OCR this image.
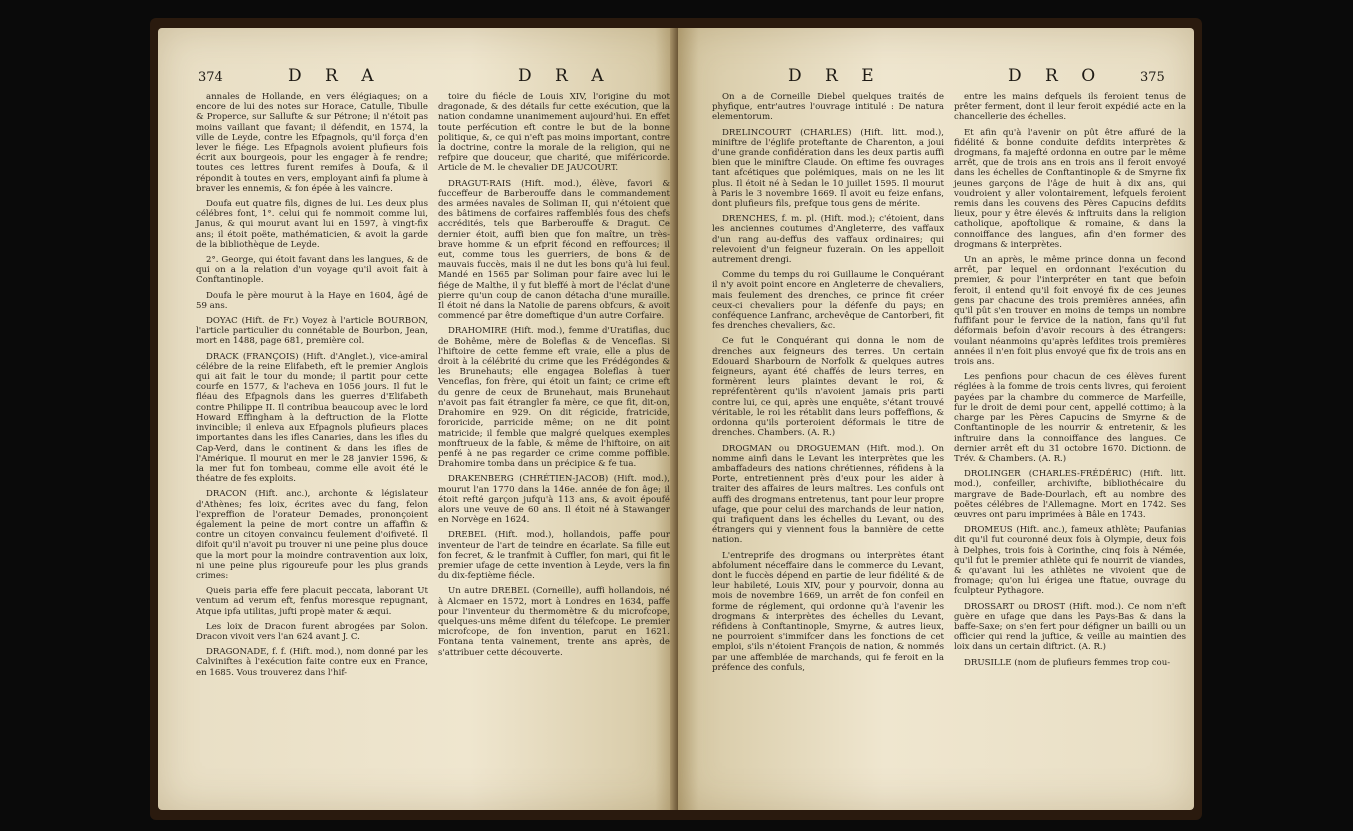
374	D R A	D R A

annales de Hollande, en vers élégiaques; on a encore de lui des notes sur Horace, Catulle, Tibulle & Properce, sur Sallufte & sur Pétrone; il n'étoit pas moins vaillant que favant; il défendit, en 1574, la ville de Leyde, contre les Efpagnols, qu'il força d'en lever le fiége. Les Efpagnols avoient plufieurs fois écrit aux bourgeois, pour les engager à fe rendre; toutes ces lettres furent remifes à Doufa, & il répondit à toutes en vers, employant ainfi fa plume à braver les ennemis, & fon épée à les vaincre.

Doufa eut quatre fils, dignes de lui. Les deux plus célébres font, 1°. celui qui fe nommoit comme lui, Janus, & qui mourut avant lui en 1597, à vingt-fix ans; il étoit poëte, mathématicien, & avoit la garde de la bibliothèque de Leyde.

2°. George, qui étoit favant dans les langues, & de qui on a la relation d'un voyage qu'il avoit fait à Conftantinople.

Doufa le père mourut à la Haye en 1604, âgé de 59 ans.

DOYAC (Hift. de Fr.) Voyez à l'article BOURBON, l'article particulier du connétable de Bourbon, Jean, mort en 1488, page 681, première col.

DRACK (FRANÇOIS) (Hift. d'Anglet.), vice-amiral célébre de la reine Elifabeth, eft le premier Anglois qui ait fait le tour du monde; il partit pour cette courfe en 1577, & l'acheva en 1056 jours. Il fut le fléau des Efpagnols dans les guerres d'Elifabeth contre Philippe II. Il contribua beaucoup avec le lord Howard Effingham à la deftruction de la Flotte invincible; il enleva aux Efpagnols plufieurs places importantes dans les ifles Canaries, dans les ifles du Cap-Verd, dans le continent & dans les ifles de l'Amérique. Il mourut en mer le 28 janvier 1596, & la mer fut fon tombeau, comme elle avoit été le théatre de fes exploits.

DRACON (Hift. anc.), archonte & législateur d'Athènes; fes loix, écrites avec du fang, felon l'expreffion de l'orateur Demades, prononçoient également la peine de mort contre un affaffin & contre un citoyen convaincu feulement d'oifiveté. Il difoit qu'il n'avoit pu trouver ni une peine plus douce que la mort pour la moindre contravention aux loix, ni une peine plus rigoureufe pour les plus grands crimes:

Queis paria effe fere placuit peccata, laborant Ut ventum ad verum eft, fenfus moresque repugnant, Atque ipfa utilitas, jufti propè mater & æqui.

Les loix de Dracon furent abrogées par Solon. Dracon vivoit vers l'an 624 avant J. C.

DRAGONADE, f. f. (Hift. mod.), nom donné par les Calviniftes à l'exécution faite contre eux en France, en 1685. Vous trouverez dans l'hif-

toire du fiécle de Louis XIV, l'origine du mot dragonade, & des détails fur cette exécution, que la nation condamne unanimement aujourd'hui. En effet toute perfécution eft contre le but de la bonne politique, &, ce qui n'eft pas moins important, contre la doctrine, contre la morale de la religion, qui ne refpire que douceur, que charité, que miféricorde. Article de M. le chevalier DE JAUCOURT.

DRAGUT-RAIS (Hift. mod.), élève, favori & fucceffeur de Barberouffe dans le commandement des armées navales de Soliman II, qui n'étoient que des bâtimens de corfaires raffemblés fous des chefs accrédités, tels que Barberouffe & Dragut. Ce dernier étoit, auffi bien que fon maître, un très-brave homme & un efprit fécond en reffources; il eut, comme tous les guerriers, de bons & de mauvais fuccès, mais il ne dut les bons qu'à lui feul. Mandé en 1565 par Soliman pour faire avec lui le fiége de Malthe, il y fut bleffé à mort de l'éclat d'une pierre qu'un coup de canon détacha d'une muraille. Il étoit né dans la Natolie de parens obfcurs, & avoit commencé par être domeftique d'un autre Corfaire.

DRAHOMIRE (Hift. mod.), femme d'Uratiflas, duc de Bohême, mère de Boleflas & de Venceflas. Si l'hiftoire de cette femme eft vraie, elle a plus de droit à la célébrité du crime que les Frédégondes & les Brunehauts; elle engagea Boleflas à tuer Venceflas, fon frère, qui étoit un faint; ce crime eft du genre de ceux de Brunehaut, mais Brunehaut n'avoit pas fait étrangler fa mère, ce que fit, dit-on, Drahomire en 929. On dit régicide, fratricide, fororicide, parricide même; on ne dit point matricide; il femble que malgré quelques exemples monftrueux de la fable, & même de l'hiftoire, on ait penfé à ne pas regarder ce crime comme poffible. Drahomire tomba dans un précipice & fe tua.

DRAKENBERG (CHRÉTIEN-JACOB) (Hift. mod.), mourut l'an 1770 dans la 146e. année de fon âge; il étoit refté garçon jufqu'à 113 ans, & avoit époufé alors une veuve de 60 ans. Il étoit né à Stawanger en Norvège en 1624.

DREBEL (Hift. mod.), hollandois, paffe pour inventeur de l'art de teindre en écarlate. Sa fille eut fon fecret, & le tranfmit à Cuffler, fon mari, qui fit le premier ufage de cette invention à Leyde, vers la fin du dix-feptième fiécle.

Un autre DREBEL (Corneille), auffi hollandois, né à Alcmaer en 1572, mort à Londres en 1634, paffe pour l'inventeur du thermomètre & du microfcope, quelques-uns même difent du télefcope. Le premier microfcope, de fon invention, parut en 1621. Fontana tenta vainement, trente ans après, de s'attribuer cette découverte.

D R E	D R O	375

On a de Corneille Diebel quelques traités de phyfique, entr'autres l'ouvrage intitulé : De natura elementorum.

DRELINCOURT (CHARLES) (Hift. litt. mod.), miniftre de l'églife proteftante de Charenton, a joui d'une grande confidération dans les deux partis auffi bien que le miniftre Claude. On eftime fes ouvrages tant afcétiques que polémiques, mais on ne les lit plus. Il étoit né à Sedan le 10 juillet 1595. Il mourut à Paris le 3 novembre 1669. Il avoit eu feize enfans, dont plufieurs fils, prefque tous gens de mérite.

DRENCHES, f. m. pl. (Hift. mod.); c'étoient, dans les anciennes coutumes d'Angleterre, des vaffaux d'un rang au-deffus des vaffaux ordinaires; qui relevoient d'un feigneur fuzerain. On les appelloit autrement drengi.

Comme du temps du roi Guillaume le Conquérant il n'y avoit point encore en Angleterre de chevaliers, mais feulement des drenches, ce prince fit créer ceux-ci chevaliers pour la défenfe du pays; en conféquence Lanfranc, archevêque de Cantorberi, fit fes drenches chevaliers, &c.

Ce fut le Conquérant qui donna le nom de drenches aux feigneurs des terres. Un certain Edouard Sharbourn de Norfolk & quelques autres feigneurs, ayant été chaffés de leurs terres, en formèrent leurs plaintes devant le roi, & repréfentèrent qu'ils n'avoient jamais pris parti contre lui, ce qui, après une enquête, s'étant trouvé véritable, le roi les rétablit dans leurs poffeffions, & ordonna qu'ils porteroient déformais le titre de drenches. Chambers. (A. R.)

DROGMAN ou DROGUEMAN (Hift. mod.). On nomme ainfi dans le Levant les interprètes que les ambaffadeurs des nations chrétiennes, réfidens à la Porte, entretiennent près d'eux pour les aider à traiter des affaires de leurs maîtres. Les confuls ont auffi des drogmans entretenus, tant pour leur propre ufage, que pour celui des marchands de leur nation, qui trafiquent dans les échelles du Levant, ou des étrangers qui y viennent fous la bannière de cette nation.

L'entreprife des drogmans ou interprètes étant abfolument néceffaire dans le commerce du Levant, dont le fuccès dépend en partie de leur fidélité & de leur habileté, Louis XIV, pour y pourvoir, donna au mois de novembre 1669, un arrêt de fon confeil en forme de réglement, qui ordonne qu'à l'avenir les drogmans & interprètes des échelles du Levant, réfidens à Conftantinople, Smyrne, & autres lieux, ne pourroient s'immifcer dans les fonctions de cet emploi, s'ils n'étoient François de nation, & nommés par une affemblée de marchands, qui fe feroit en la préfence des confuls,

entre les mains defquels ils feroient tenus de prêter ferment, dont il leur feroit expédié acte en la chancellerie des échelles.

Et afin qu'à l'avenir on pût être affuré de la fidélité & bonne conduite defdits interprètes & drogmans, fa majefté ordonna en outre par le même arrêt, que de trois ans en trois ans il feroit envoyé dans les échelles de Conftantinople & de Smyrne fix jeunes garçons de l'âge de huit à dix ans, qui voudroient y aller volontairement, lefquels feroient remis dans les couvens des Pères Capucins defdits lieux, pour y être élevés & inftruits dans la religion catholique, apoftolique & romaine, & dans la connoiffance des langues, afin d'en former des drogmans & interprètes.

Un an après, le même prince donna un fecond arrêt, par lequel en ordonnant l'exécution du premier, & pour l'interpréter en tant que befoin feroit, il entend qu'il foit envoyé fix de ces jeunes gens par chacune des trois premières années, afin qu'il pût s'en trouver en moins de temps un nombre fuffifant pour le fervice de la nation, fans qu'il fut déformais befoin d'avoir recours à des étrangers: voulant néanmoins qu'après lefdites trois premières années il n'en foit plus envoyé que fix de trois ans en trois ans.

Les penfions pour chacun de ces élèves furent réglées à la fomme de trois cents livres, qui feroient payées par la chambre du commerce de Marfeille, fur le droit de demi pour cent, appellé cottimo; à la charge par les Pères Capucins de Smyrne & de Conftantinople de les nourrir & entretenir, & les inftruire dans la connoiffance des langues. Ce dernier arrêt eft du 31 octobre 1670. Dictionn. de Trév. & Chambers. (A. R.)

DROLINGER (CHARLES-FRÉDÉRIC) (Hift. litt. mod.), confeiller, archivifte, bibliothécaire du margrave de Bade-Dourlach, eft au nombre des poëtes célébres de l'Allemagne. Mort en 1742. Ses œuvres ont paru imprimées à Bâle en 1743.

DROMEUS (Hift. anc.), fameux athlète; Paufanias dit qu'il fut couronné deux fois à Olympie, deux fois à Delphes, trois fois à Corinthe, cinq fois à Némée, qu'il fut le premier athlète qui fe nourrit de viandes, & qu'avant lui les athlètes ne vivoient que de fromage; qu'on lui érigea une ftatue, ouvrage du fculpteur Pythagore.

DROSSART ou DROST (Hift. mod.). Ce nom n'eft guère en ufage que dans les Pays-Bas & dans la baffe-Saxe; on s'en fert pour défigner un bailli ou un officier qui rend la juftice, & veille au maintien des loix dans un certain diftrict. (A. R.)

DRUSILLE (nom de plufieurs femmes trop cou-
